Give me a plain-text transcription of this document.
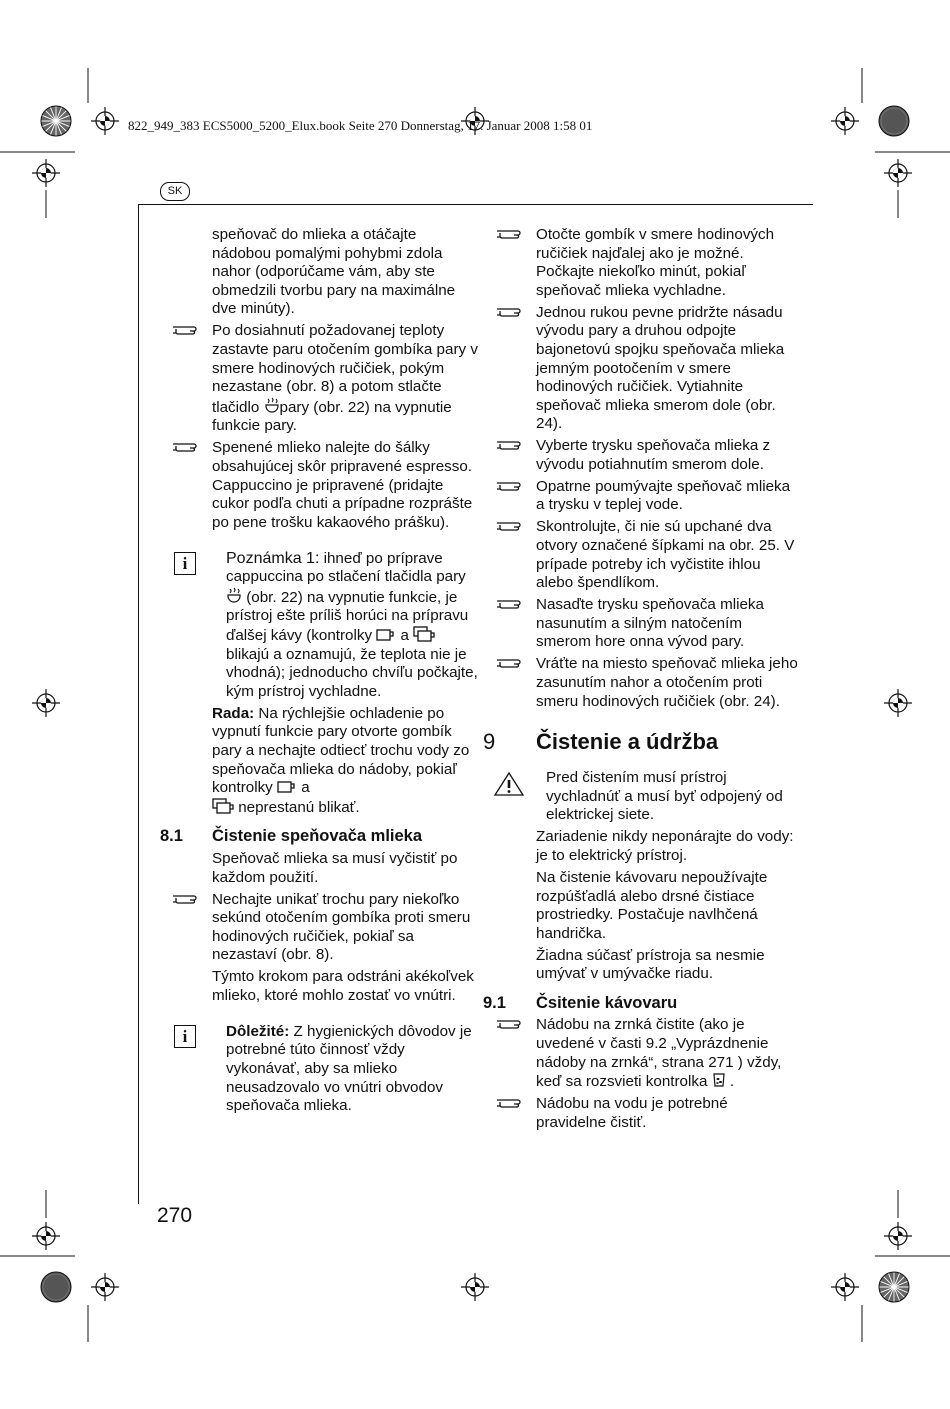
822_949_383 ECS5000_5200_Elux.book Seite 270 Donnerstag, 17. Januar 2008 1:58 01
SK
270
speňovač do mlieka a otáčajte nádobou pomalými pohybmi zdola nahor (odporúčame vám, aby ste obmedzili tvorbu pary na maximálne dve minúty).
Po dosiahnutí požadovanej teploty zastavte paru otočením gombíka pary v smere hodinových ručičiek, pokým nezastane (obr. 8) a potom stlačte tlačidlo pary (obr. 22) na vypnutie funkcie pary.
Spenené mlieko nalejte do šálky obsahujúcej skôr pripravené espresso. Cappuccino je pripravené (pridajte cukor podľa chuti a prípadne rozprášte po pene trošku kakaového prášku).
i	Poznámka 1: ihneď po príprave cappuccina po stlačení tlačidla pary  (obr. 22) na vypnutie funkcie, je prístroj ešte príliš horúci na prípravu ďalšej kávy (kontrolky  a  blikajú a oznamujú, že teplota nie je vhodná); jednoducho chvíľu počkajte, kým prístroj vychladne.
Rada: Na rýchlejšie ochladenie po vypnutí funkcie pary otvorte gombík pary a nechajte odtiecť trochu vody zo speňovača mlieka do nádoby, pokiaľ kontrolky  a
neprestanú blikať.
8.1	Čistenie speňovača mlieka
Speňovač mlieka sa musí vyčistiť po každom použití.
Nechajte unikať trochu pary niekoľko sekúnd otočením gombíka proti smeru hodinových ručičiek, pokiaľ sa nezastaví (obr. 8).
Týmto krokom para odstráni akékoľvek mlieko, ktoré mohlo zostať vo vnútri.
i	Dôležité: Z hygienických dôvodov je potrebné túto činnosť vždy vykonávať, aby sa mlieko neusadzovalo vo vnútri obvodov speňovača mlieka.
Otočte gombík v smere hodinových ručičiek najďalej ako je možné. Počkajte niekoľko minút, pokiaľ speňovač mlieka vychladne.
Jednou rukou pevne pridržte násadu vývodu pary a druhou odpojte bajonetovú spojku speňovača mlieka jemným pootočením v smere hodinových ručičiek. Vytiahnite speňovač mlieka smerom dole (obr. 24).
Vyberte trysku speňovača mlieka z vývodu potiahnutím smerom dole.
Opatrne poumývajte speňovač mlieka a trysku v teplej vode.
Skontrolujte, či nie sú upchané dva otvory označené šípkami na obr. 25. V prípade potreby ich vyčistite ihlou alebo špendlíkom.
Nasaďte trysku speňovača mlieka nasunutím a silným natočením smerom hore onna vývod pary.
Vráťte na miesto speňovač mlieka jeho zasunutím nahor a otočením proti smeru hodinových ručičiek (obr. 24).
9	Čistenie a údržba
Pred čistením musí prístroj vychladnúť a musí byť odpojený od elektrickej siete.
Zariadenie nikdy neponárajte do vody: je to elektrický prístroj.
Na čistenie kávovaru nepoužívajte rozpúšťadlá alebo drsné čistiace prostriedky. Postačuje navlhčená handrička.
Žiadna súčasť prístroja sa nesmie umývať v umývačke riadu.
9.1	Čsitenie kávovaru
Nádobu na zrnká čistite (ako je uvedené v časti 9.2 „Vyprázdnenie nádoby na zrnká“, strana 271 ) vždy, keď sa rozsvieti kontrolka  .
Nádobu na vodu je potrebné pravidelne čistiť.
